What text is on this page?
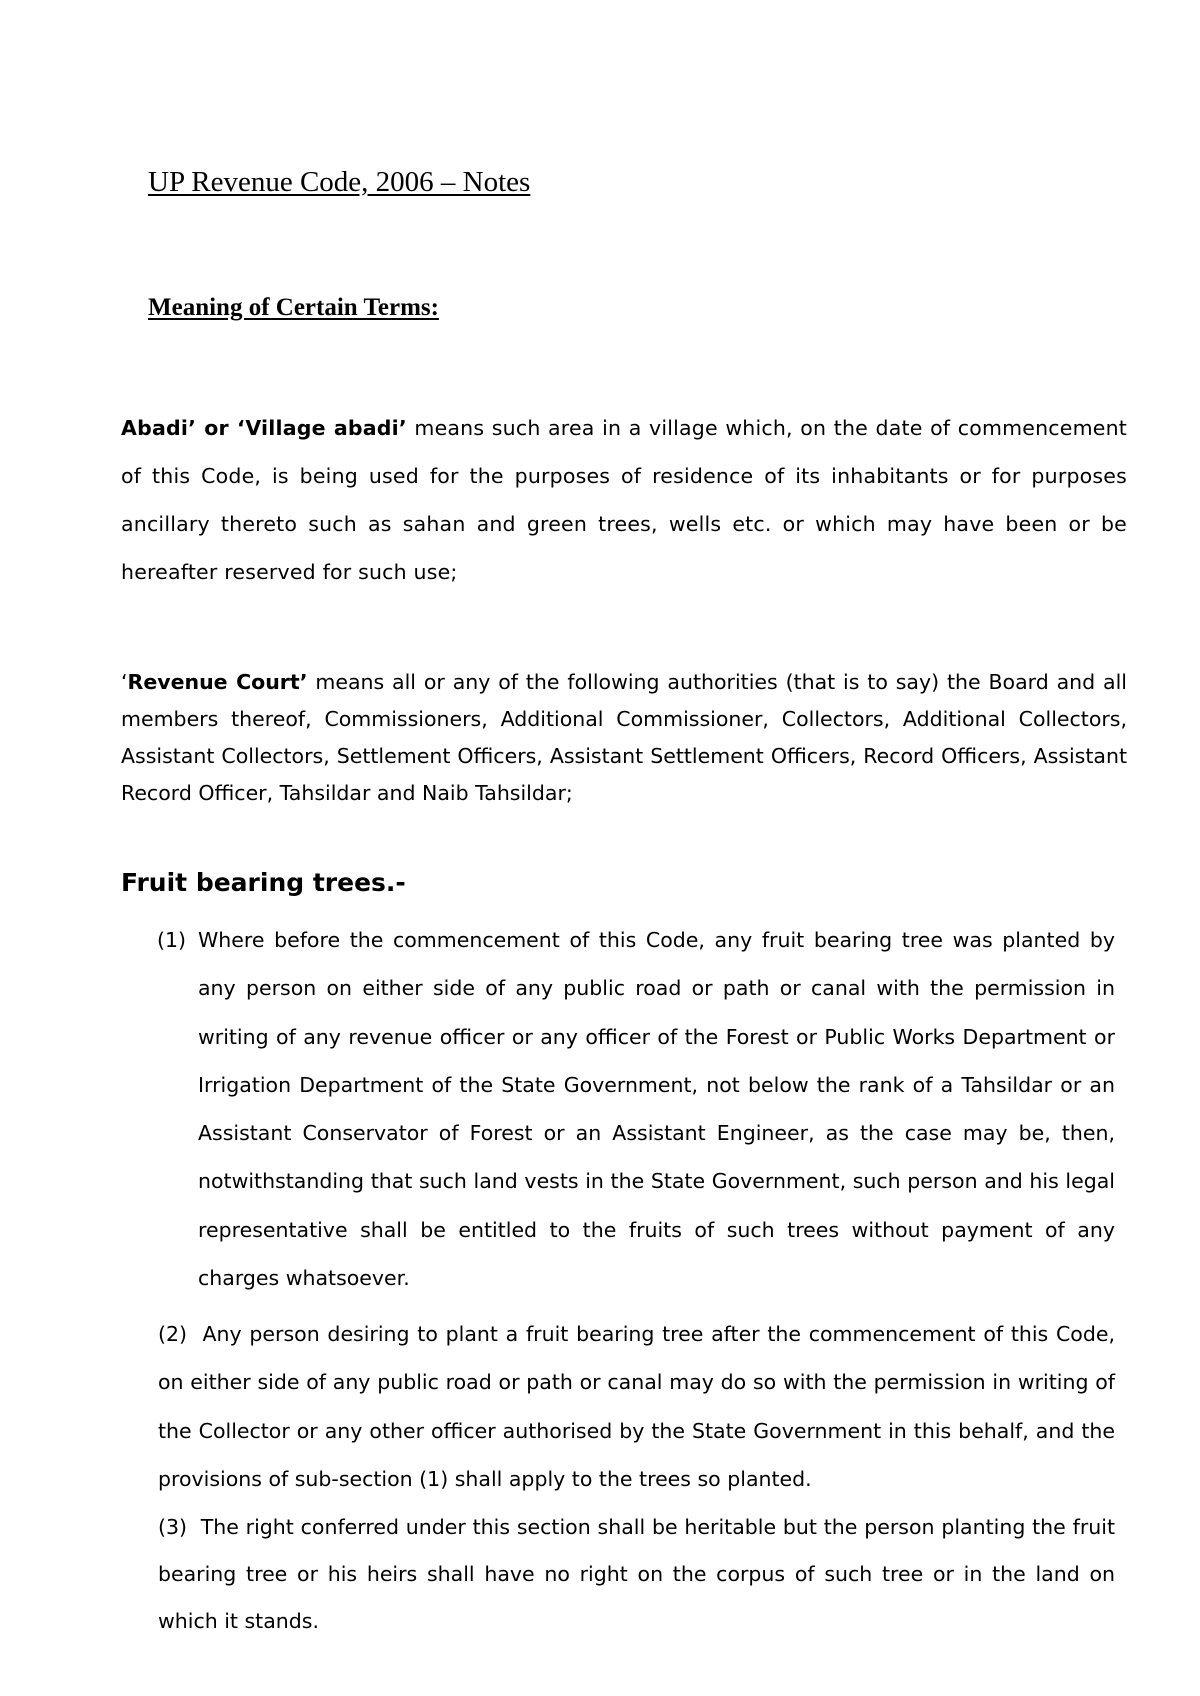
UP Revenue Code, 2006 – Notes
Meaning of Certain Terms:

Abadi’ or ‘Village abadi’ means such area in a village which, on the date of commencement of this Code, is being used for the purposes of residence of its inhabitants or for purposes ancillary thereto such as sahan and green trees, wells etc. or which may have been or be hereafter reserved for such use;

‘Revenue Court’ means all or any of the following authorities (that is to say) the Board and all members thereof, Commissioners, Additional Commissioner, Collectors, Additional Collectors, Assistant Collectors, Settlement Officers, Assistant Settlement Officers, Record Officers, Assistant Record Officer, Tahsildar and Naib Tahsildar;

Fruit bearing trees.-

(1) Where before the commencement of this Code, any fruit bearing tree was planted by any person on either side of any public road or path or canal with the permission in writing of any revenue officer or any officer of the Forest or Public Works Department or Irrigation Department of the State Government, not below the rank of a Tahsildar or an Assistant Conservator of Forest or an Assistant Engineer, as the case may be, then, notwithstanding that such land vests in the State Government, such person and his legal representative shall be entitled to the fruits of such trees without payment of any charges whatsoever.

(2) Any person desiring to plant a fruit bearing tree after the commencement of this Code, on either side of any public road or path or canal may do so with the permission in writing of the Collector or any other officer authorised by the State Government in this behalf, and the provisions of sub-section (1) shall apply to the trees so planted.

(3) The right conferred under this section shall be heritable but the person planting the fruit bearing tree or his heirs shall have no right on the corpus of such tree or in the land on which it stands.
